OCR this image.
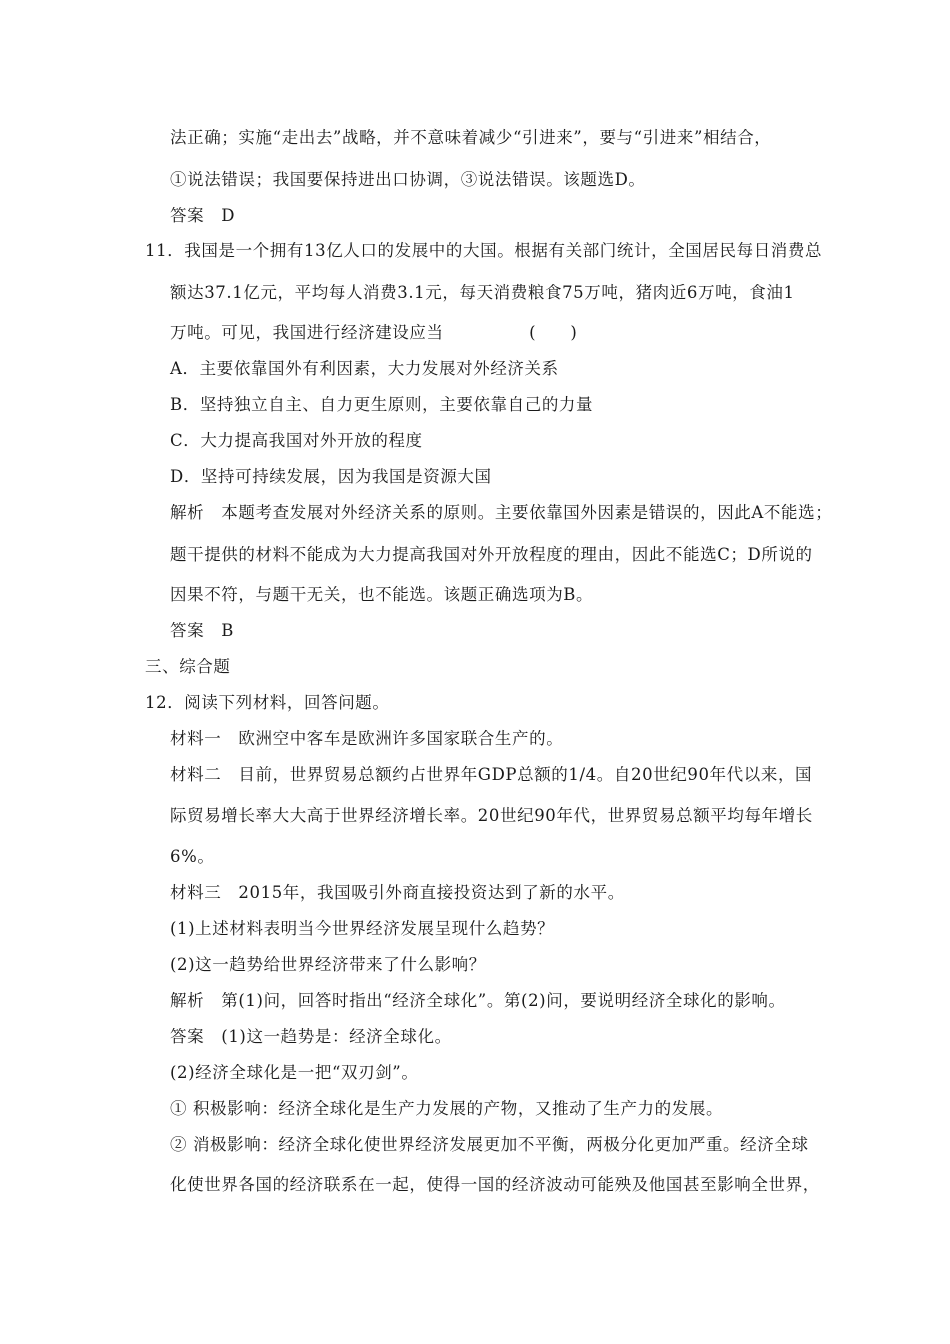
法正确；实施“走出去”战略，并不意味着减少“引进来”，要与“引进来”相结合，
①说法错误；我国要保持进出口协调，③说法错误。该题选D。
答案　D
11．我国是一个拥有13亿人口的发展中的大国。根据有关部门统计，全国居民每日消费总
额达37.1亿元，平均每人消费3.1元，每天消费粮食75万吨，猪肉近6万吨，食油1
万吨。可见，我国进行经济建设应当　　　　　(　　)
A．主要依靠国外有利因素，大力发展对外经济关系
B．坚持独立自主、自力更生原则，主要依靠自己的力量
C．大力提高我国对外开放的程度
D．坚持可持续发展，因为我国是资源大国
解析　本题考查发展对外经济关系的原则。主要依靠国外因素是错误的，因此A不能选；
题干提供的材料不能成为大力提高我国对外开放程度的理由，因此不能选C；D所说的
因果不符，与题干无关，也不能选。该题正确选项为B。
答案　B
三、综合题
12．阅读下列材料，回答问题。
材料一　欧洲空中客车是欧洲许多国家联合生产的。
材料二　目前，世界贸易总额约占世界年GDP总额的1/4。自20世纪90年代以来，国
际贸易增长率大大高于世界经济增长率。20世纪90年代，世界贸易总额平均每年增长
6%。
材料三　2015年，我国吸引外商直接投资达到了新的水平。
(1)上述材料表明当今世界经济发展呈现什么趋势？
(2)这一趋势给世界经济带来了什么影响？
解析　第(1)问，回答时指出“经济全球化”。第(2)问，要说明经济全球化的影响。
答案　(1)这一趋势是：经济全球化。
(2)经济全球化是一把“双刃剑”。
① 积极影响：经济全球化是生产力发展的产物，又推动了生产力的发展。
② 消极影响：经济全球化使世界经济发展更加不平衡，两极分化更加严重。经济全球
化使世界各国的经济联系在一起，使得一国的经济波动可能殃及他国甚至影响全世界，
